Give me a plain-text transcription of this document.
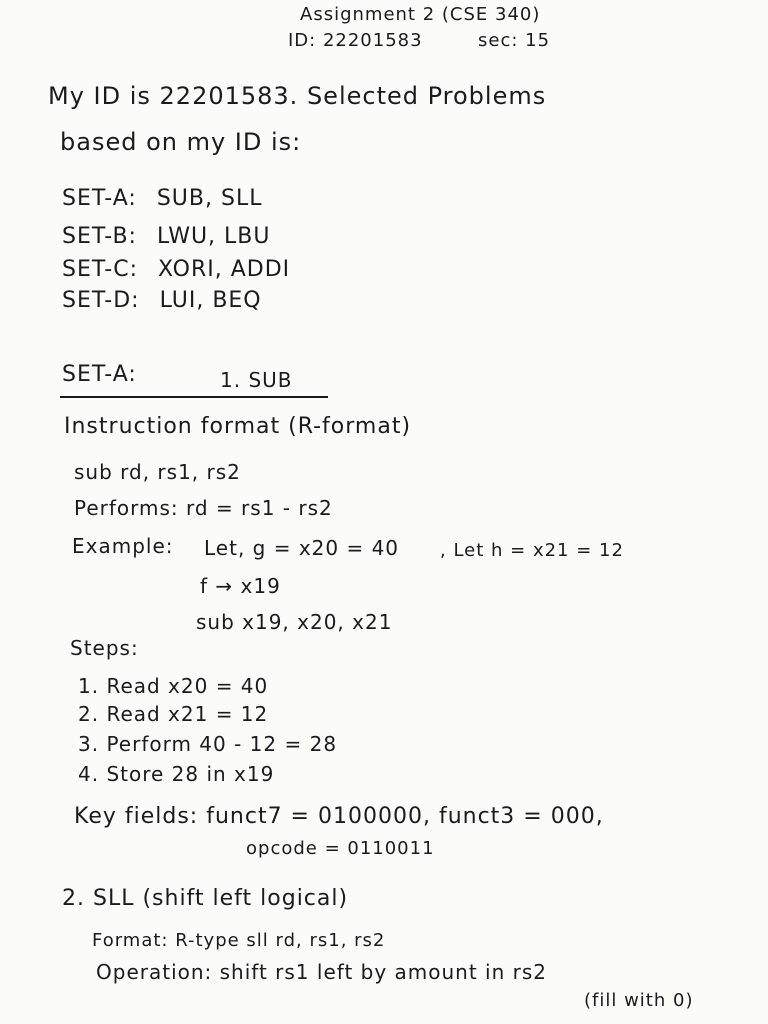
Assignment 2 (CSE 340)
ID: 22201583	sec: 15
My ID is 22201583. Selected Problems
based on my ID is:
SET-A: SUB, SLL
SET-B: LWU, LBU
SET-C: XORI, ADDI
SET-D: LUI, BEQ
SET-A:	1. SUB
Instruction format (R-format)
sub rd, rs1, rs2
Performs: rd = rs1 - rs2
Example: Let, g = x20 = 40 , Let h = x21 = 12
f → x19
sub x19, x20, x21
Steps:
1. Read x20 = 40
2. Read x21 = 12
3. Perform 40 - 12 = 28
4. Store 28 in x19
Key fields: funct7 = 0100000, funct3 = 000,
opcode = 0110011
2. SLL (shift left logical)
Format: R-type sll rd, rs1, rs2
Operation: shift rs1 left by amount in rs2
(fill with 0)
